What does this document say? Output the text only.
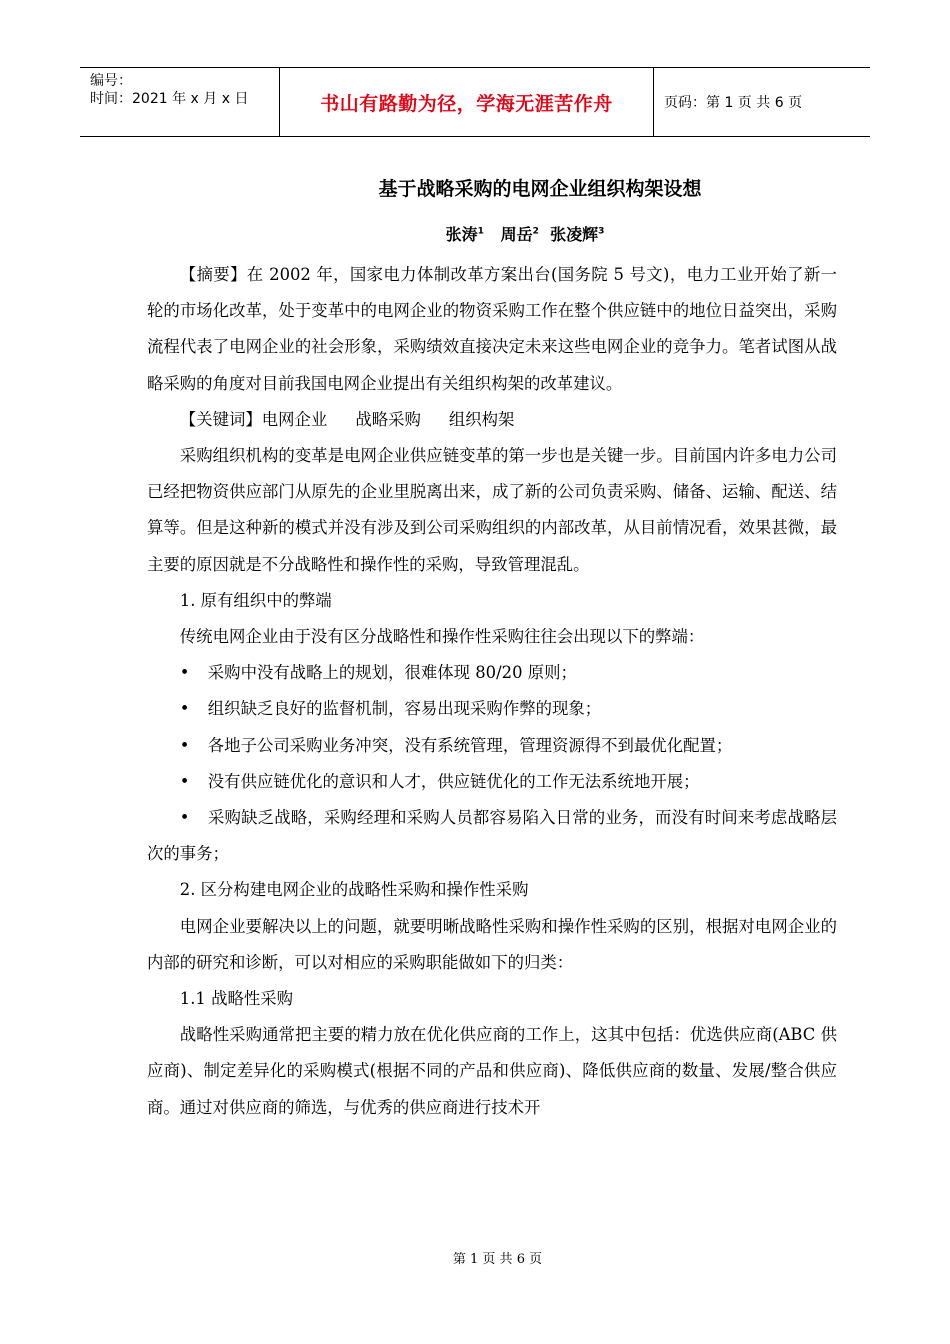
编号：
时间：2021 年 x 月 x 日	书山有路勤为径，学海无涯苦作舟	页码：第 1 页 共 6 页
基于战略采购的电网企业组织构架设想
张涛$^1$ 周岳$^2$ 张凌辉$^3$

【摘要】在 2002 年，国家电力体制改革方案出台(国务院 5 号文)，电力工业开始了新一轮的市场化改革，处于变革中的电网企业的物资采购工作在整个供应链中的地位日益突出，采购流程代表了电网企业的社会形象，采购绩效直接决定未来这些电网企业的竞争力。笔者试图从战略采购的角度对目前我国电网企业提出有关组织构架的改革建议。

【关键词】电网企业 战略采购 组织构架

采购组织机构的变革是电网企业供应链变革的第一步也是关键一步。目前国内许多电力公司已经把物资供应部门从原先的企业里脱离出来，成了新的公司负责采购、储备、运输、配送、结算等。但是这种新的模式并没有涉及到公司采购组织的内部改革，从目前情况看，效果甚微，最主要的原因就是不分战略性和操作性的采购，导致管理混乱。

1. 原有组织中的弊端

传统电网企业由于没有区分战略性和操作性采购往往会出现以下的弊端：

• 采购中没有战略上的规划，很难体现 80/20 原则；

• 组织缺乏良好的监督机制，容易出现采购作弊的现象；

• 各地子公司采购业务冲突，没有系统管理，管理资源得不到最优化配置；

• 没有供应链优化的意识和人才，供应链优化的工作无法系统地开展；

• 采购缺乏战略，采购经理和采购人员都容易陷入日常的业务，而没有时间来考虑战略层次的事务；

2. 区分构建电网企业的战略性采购和操作性采购

电网企业要解决以上的问题，就要明晰战略性采购和操作性采购的区别，根据对电网企业的内部的研究和诊断，可以对相应的采购职能做如下的归类：

1.1 战略性采购

战略性采购通常把主要的精力放在优化供应商的工作上，这其中包括：优选供应商(ABC 供应商)、制定差异化的采购模式(根据不同的产品和供应商)、降低供应商的数量、发展/整合供应商。通过对供应商的筛选，与优秀的供应商进行技术开

第 1 页 共 6 页
